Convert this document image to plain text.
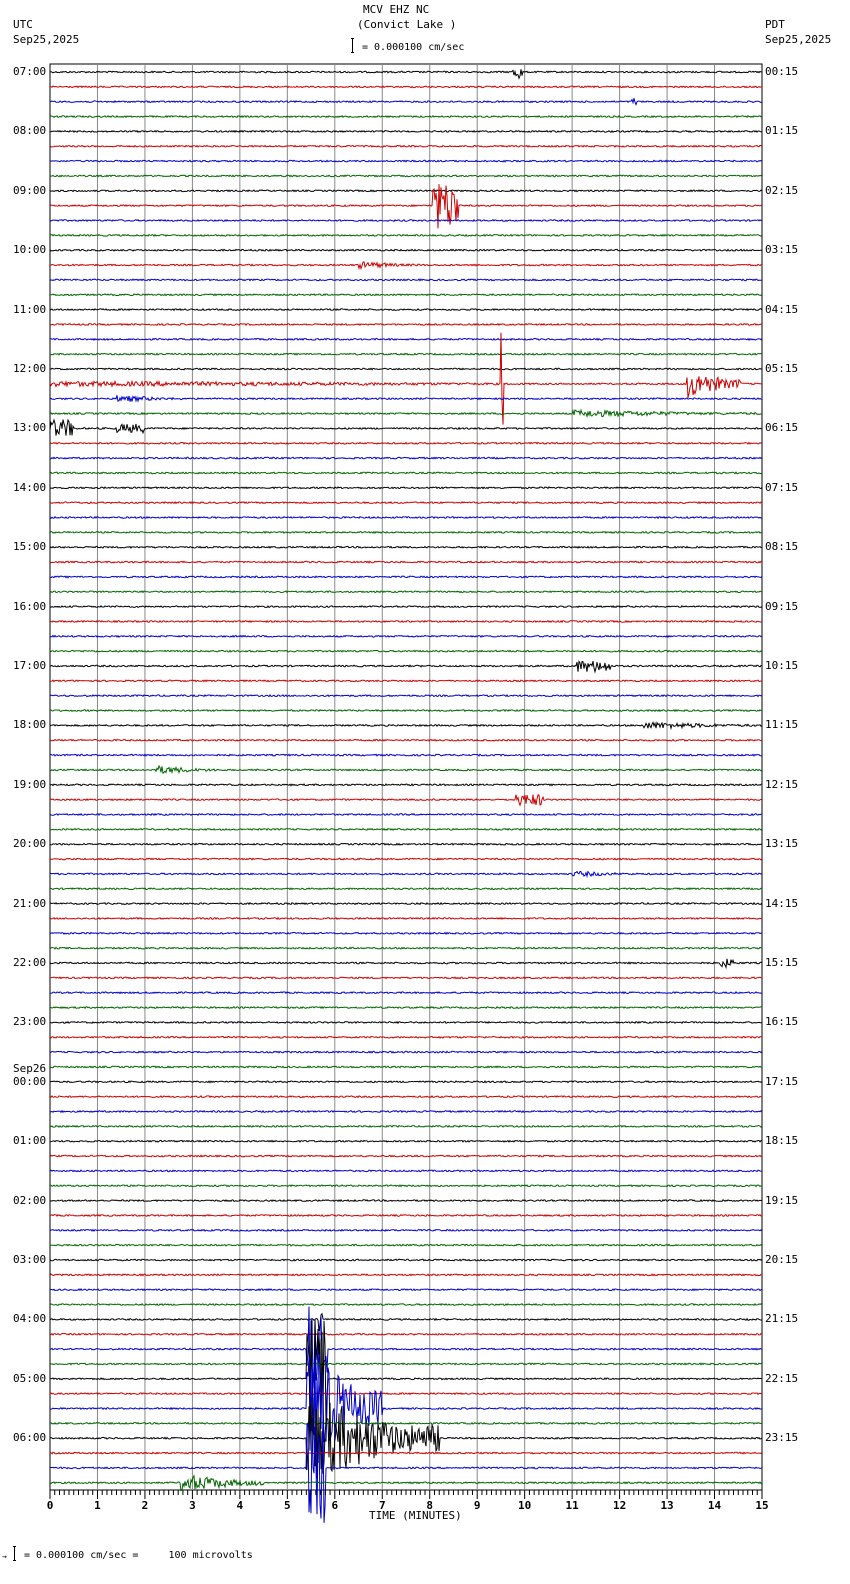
MCV EHZ NC
(Convict Lake )
UTC
Sep25,2025
PDT
Sep25,2025
= 0.000100 cm/sec
0	1	2	3	4	5	6	7	8	9	10	11	12	13	14	15
07:00
08:00
09:00
10:00
11:00
12:00
13:00
14:00
15:00
16:00
17:00
18:00
19:00
20:00
21:00
22:00
23:00
00:00
Sep26
01:00
02:00
03:00
04:00
05:00
06:00
00:15
01:15
02:15
03:15
04:15
05:15
06:15
07:15
08:15
09:15
10:15
11:15
12:15
13:15
14:15
15:15
16:15
17:15
18:15
19:15
20:15
21:15
22:15
23:15
TIME (MINUTES)
→ = 0.000100 cm/sec =     100 microvolts
